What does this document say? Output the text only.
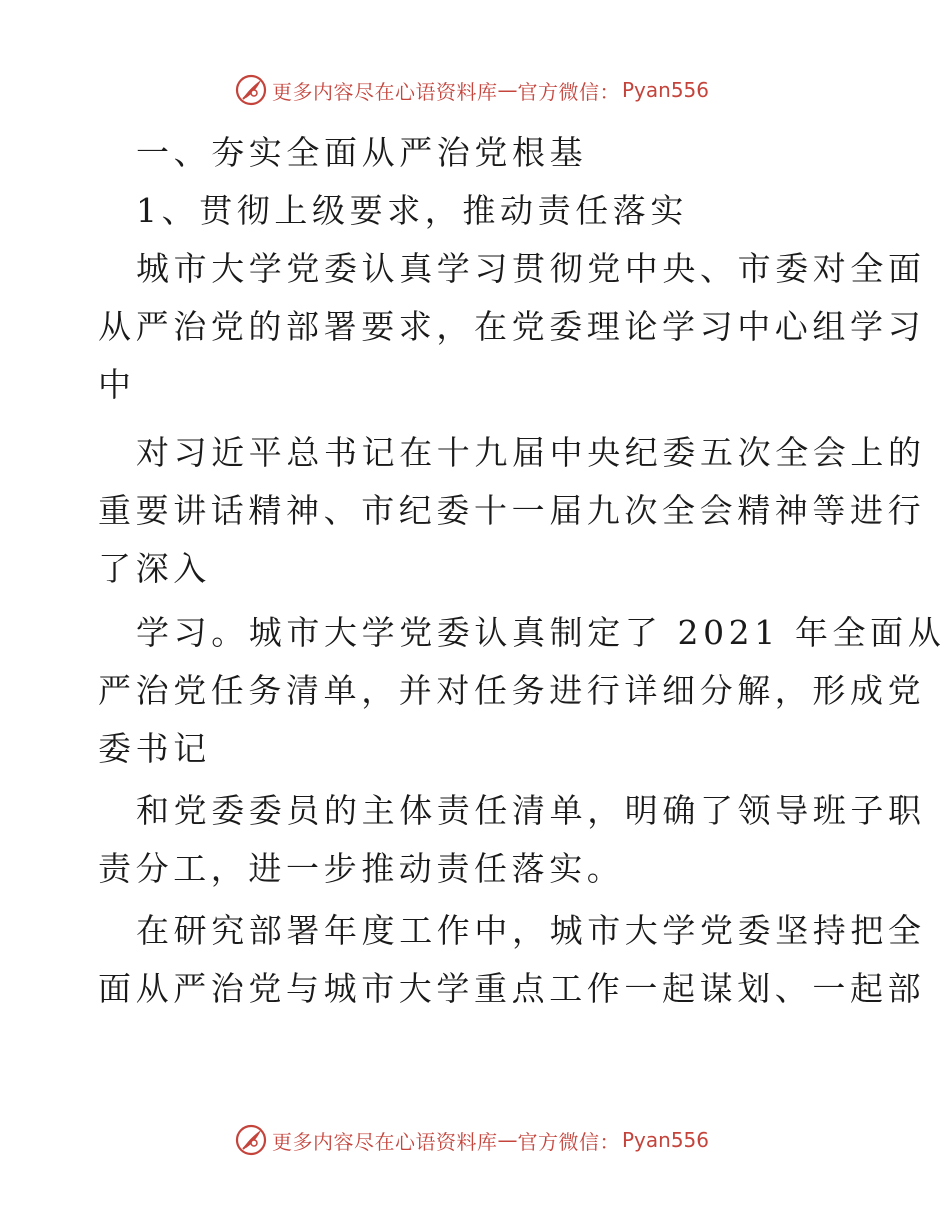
更多内容尽在心语资料库 — 官方微信： Pyan556
一、夯实全面从严治党根基
1、贯彻上级要求，推动责任落实
城市大学党委认真学习贯彻党中央、市委对全面
从严治党的部署要求，在党委理论学习中心组学习
中
对习近平总书记在十九届中央纪委五次全会上的
重要讲话精神、市纪委十一届九次全会精神等进行
了深入
学习。城市大学党委认真制定了 2021 年全面从
严治党任务清单，并对任务进行详细分解，形成党
委书记
和党委委员的主体责任清单，明确了领导班子职
责分工，进一步推动责任落实。
在研究部署年度工作中，城市大学党委坚持把全
面从严治党与城市大学重点工作一起谋划、一起部
更多内容尽在心语资料库 — 官方微信： Pyan556
